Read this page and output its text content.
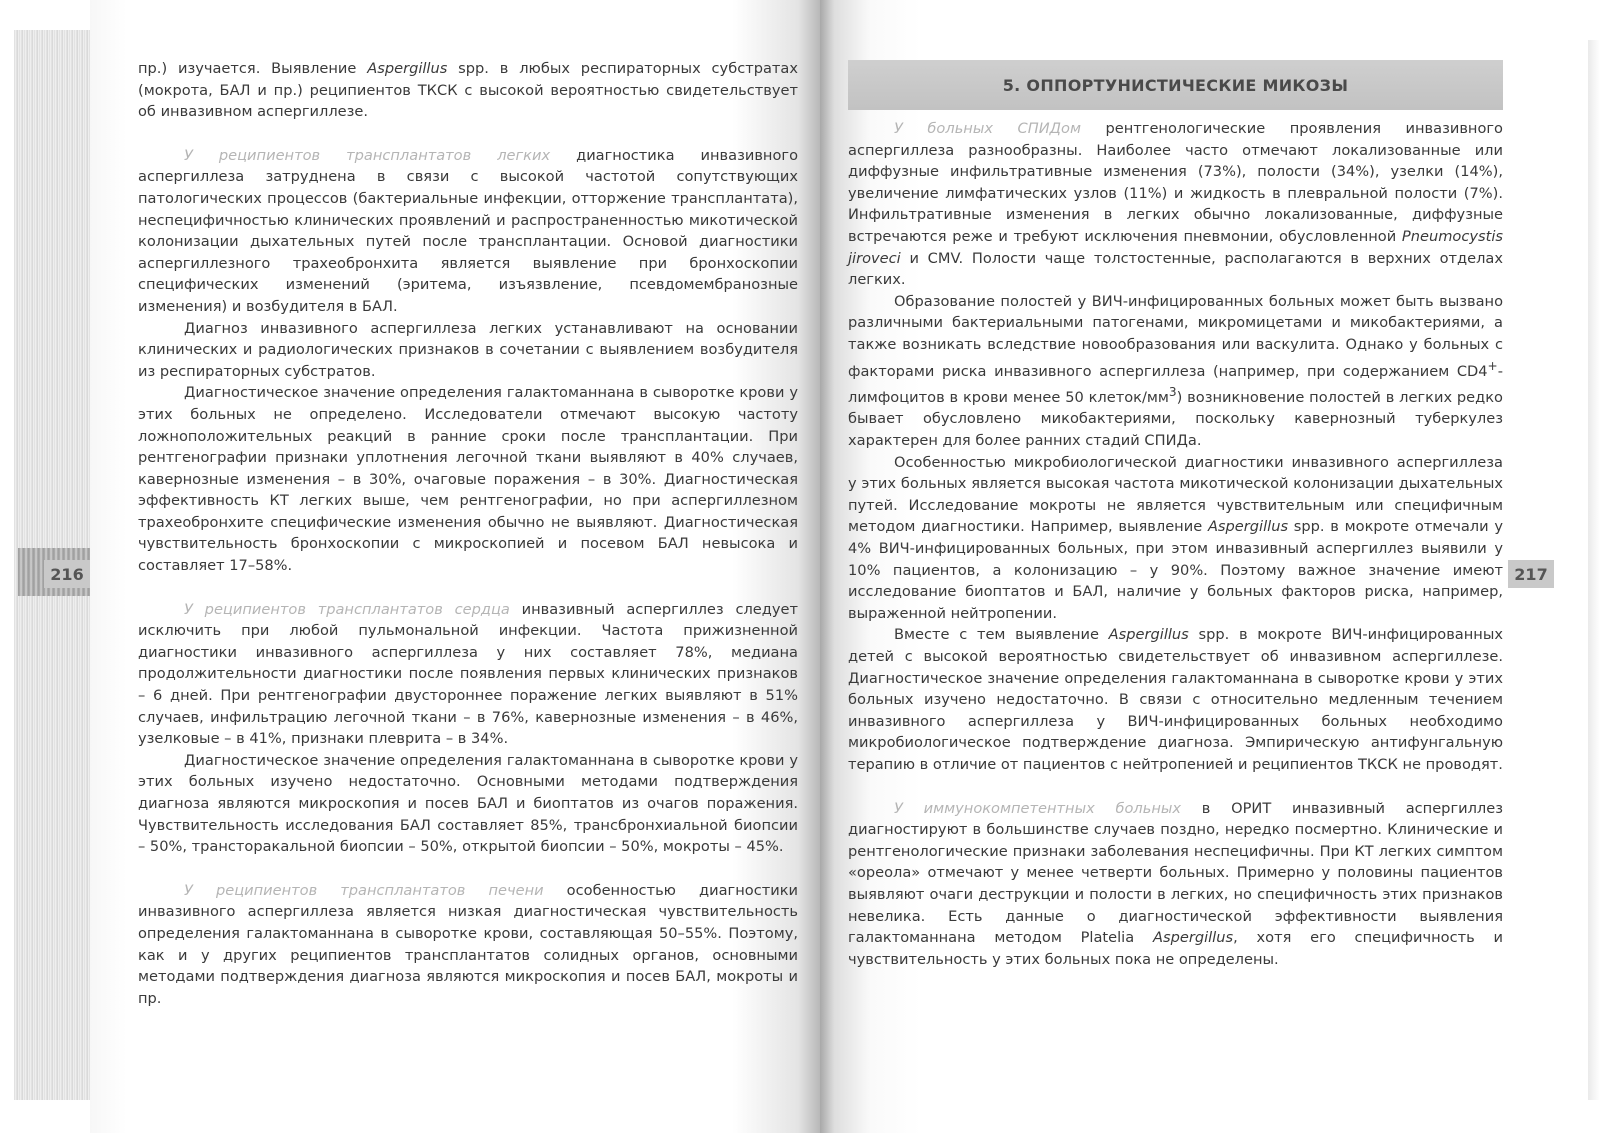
пр.) изучается. Выявление Aspergillus spp. в любых респираторных субстратах (мокрота, БАЛ и пр.) реципиентов ТКСК с высокой вероятностью свидетельствует об инвазивном аспергиллезе.

У реципиентов трансплантатов легких диагностика инвазивного аспергиллеза затруднена в связи с высокой частотой сопутствующих патологических процессов (бактериальные инфекции, отторжение трансплантата), неспецифичностью клинических проявлений и распространенностью микотической колонизации дыхательных путей после трансплантации. Основой диагностики аспергиллезного трахеобронхита является выявление при бронхоскопии специфических изменений (эритема, изъязвление, псевдомембранозные изменения) и возбудителя в БАЛ.

Диагноз инвазивного аспергиллеза легких устанавливают на основании клинических и радиологических признаков в сочетании с выявлением возбудителя из респираторных субстратов.

Диагностическое значение определения галактоманнана в сыворотке крови у этих больных не определено. Исследователи отмечают высокую частоту ложноположительных реакций в ранние сроки после трансплантации. При рентгенографии признаки уплотнения легочной ткани выявляют в 40% случаев, кавернозные изменения – в 30%, очаговые поражения – в 30%. Диагностическая эффективность КТ легких выше, чем рентгенографии, но при аспергиллезном трахеобронхите специфические изменения обычно не выявляют. Диагностическая чувствительность бронхоскопии с микроскопией и посевом БАЛ невысока и составляет 17–58%.

У реципиентов трансплантатов сердца инвазивный аспергиллез следует исключить при любой пульмональной инфекции. Частота прижизненной диагностики инвазивного аспергиллеза у них составляет 78%, медиана продолжительности диагностики после появления первых клинических признаков – 6 дней. При рентгенографии двустороннее поражение легких выявляют в 51% случаев, инфильтрацию легочной ткани – в 76%, кавернозные изменения – в 46%, узелковые – в 41%, признаки плеврита – в 34%.

Диагностическое значение определения галактоманнана в сыворотке крови у этих больных изучено недостаточно. Основными методами подтверждения диагноза являются микроскопия и посев БАЛ и биоптатов из очагов поражения. Чувствительность исследования БАЛ составляет 85%, трансбронхиальной биопсии – 50%, трансторакальной биопсии – 50%, открытой биопсии – 50%, мокроты – 45%.

У реципиентов трансплантатов печени особенностью диагностики инвазивного аспергиллеза является низкая диагностическая чувствительность определения галактоманнана в сыворотке крови, составляющая 50–55%. Поэтому, как и у других реципиентов трансплантатов солидных органов, основными методами подтверждения диагноза являются микроскопия и посев БАЛ, мокроты и пр.

5. ОППОРТУНИСТИЧЕСКИЕ МИКОЗЫ

У больных СПИДом рентгенологические проявления инвазивного аспергиллеза разнообразны. Наиболее часто отмечают локализованные или диффузные инфильтративные изменения (73%), полости (34%), узелки (14%), увеличение лимфатических узлов (11%) и жидкость в плевральной полости (7%). Инфильтративные изменения в легких обычно локализованные, диффузные встречаются реже и требуют исключения пневмонии, обусловленной Pneumocystis jiroveci и CMV. Полости чаще толстостенные, располагаются в верхних отделах легких.

Образование полостей у ВИЧ-инфицированных больных может быть вызвано различными бактериальными патогенами, микромицетами и микобактериями, а также возникать вследствие новообразования или васкулита. Однако у больных с факторами риска инвазивного аспергиллеза (например, при содержанием CD4+-лимфоцитов в крови менее 50 клеток/$мм^3$) возникновение полостей в легких редко бывает обусловлено микобактериями, поскольку кавернозный туберкулез характерен для более ранних стадий СПИДа.

Особенностью микробиологической диагностики инвазивного аспергиллеза у этих больных является высокая частота микотической колонизации дыхательных путей. Исследование мокроты не является чувствительным или специфичным методом диагностики. Например, выявление Aspergillus spp. в мокроте отмечали у 4% ВИЧ-инфицированных больных, при этом инвазивный аспергиллез выявили у 10% пациентов, а колонизацию – у 90%. Поэтому важное значение имеют исследование биоптатов и БАЛ, наличие у больных факторов риска, например, выраженной нейтропении.

Вместе с тем выявление Aspergillus spp. в мокроте ВИЧ-инфицированных детей с высокой вероятностью свидетельствует об инвазивном аспергиллезе. Диагностическое значение определения галактоманнана в сыворотке крови у этих больных изучено недостаточно. В связи с относительно медленным течением инвазивного аспергиллеза у ВИЧ-инфицированных больных необходимо микробиологическое подтверждение диагноза. Эмпирическую антифунгальную терапию в отличие от пациентов с нейтропенией и реципиентов ТКСК не проводят.

У иммунокомпетентных больных в ОРИТ инвазивный аспергиллез диагностируют в большинстве случаев поздно, нередко посмертно. Клинические и рентгенологические признаки заболевания неспецифичны. При КТ легких симптом «ореола» отмечают у менее четверти больных. Примерно у половины пациентов выявляют очаги деструкции и полости в легких, но специфичность этих признаков невелика. Есть данные о диагностической эффективности выявления галактоманнана методом Platelia Aspergillus, хотя его специфичность и чувствительность у этих больных пока не определены.

216	217
